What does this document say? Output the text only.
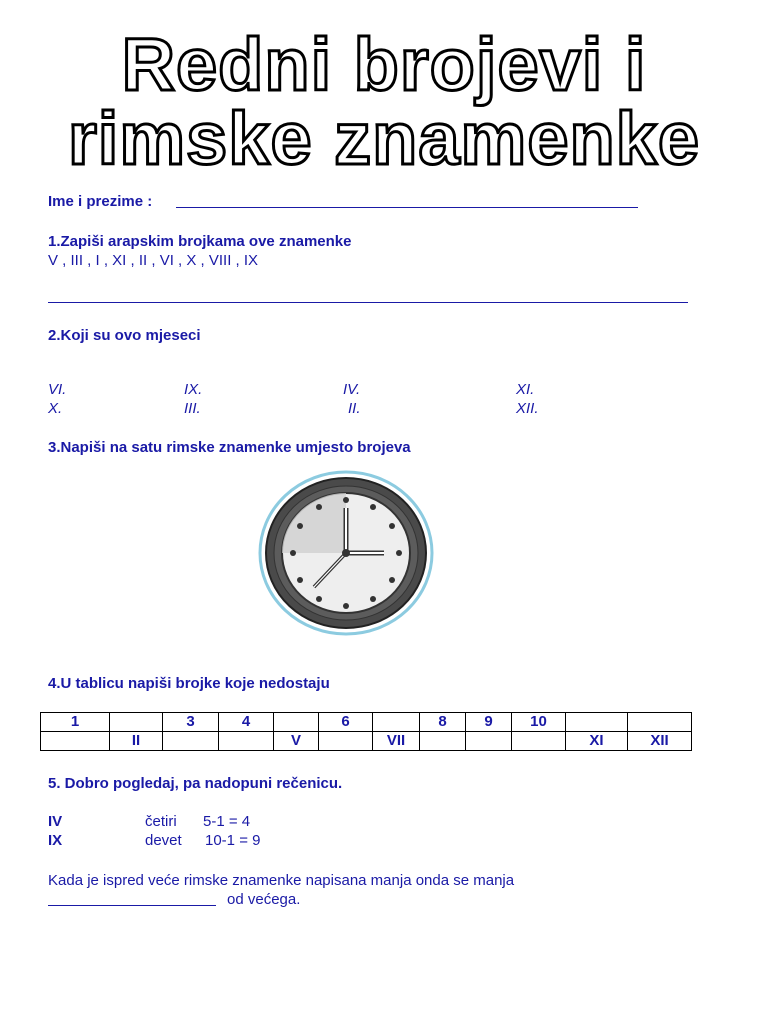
Redni brojevi i
rimske znamenke
Ime i prezime :
1.Zapiši arapskim brojkama ove znamenke
V , III , I , XI , II , VI , X , VIII , IX
2.Koji su ovo mjeseci
VI.	IX.	IV.	XI.
X.	III.	II.	XII.
3.Napiši na satu rimske znamenke umjesto brojeva
4.U tablicu napiši brojke koje nedostaju
1		3	4		6		8	9	10		
	II			V		VII				XI	XII
5. Dobro pogledaj, pa nadopuni rečenicu.
IV	četiri 5-1 = 4
IX	devet 10-1 = 9
Kada je ispred veće rimske znamenke napisana manja onda se manja
od većega.
